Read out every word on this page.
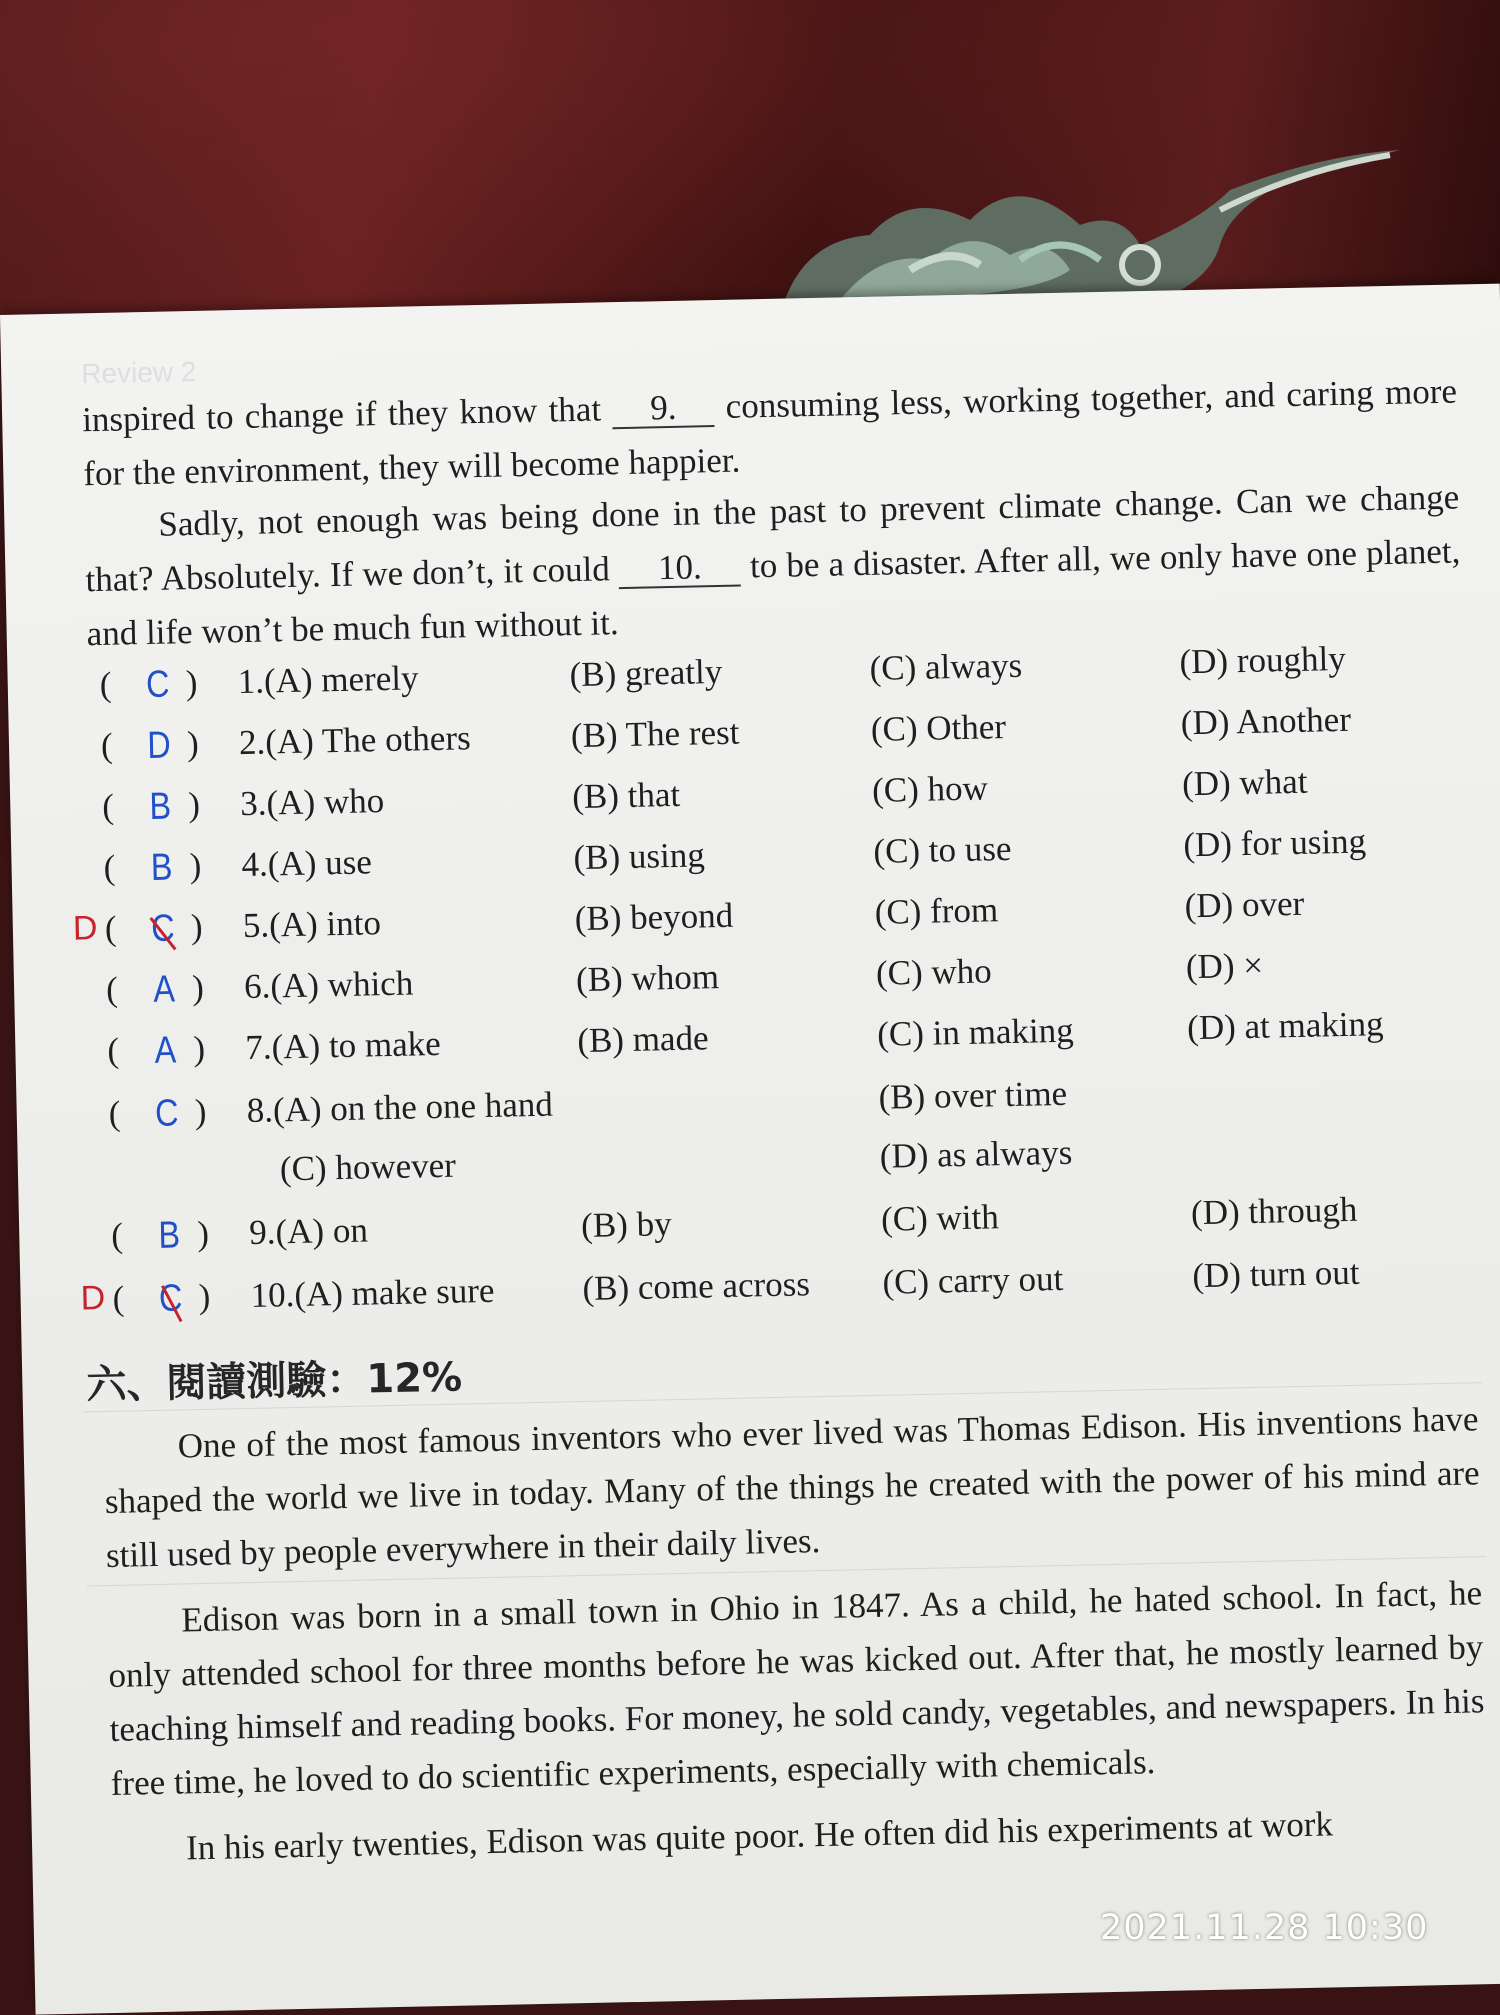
Review 2

inspired to change if they know that 9. consuming less, working together, and caring more for the environment, they will become happier.

Sadly, not enough was being done in the past to prevent climate change. Can we change that? Absolutely. If we don’t, it could 10. to be a disaster. After all, we only have one planet, and life won’t be much fun without it.

( C ) 1.(A) merely	(B) greatly	(C) always	(D) roughly
( D ) 2.(A) The others	(B) The rest	(C) Other	(D) Another
( B ) 3.(A) who	(B) that	(C) how	(D) what
( B ) 4.(A) use	(B) using	(C) to use	(D) for using
D ( C ) 5.(A) into	(B) beyond	(C) from	(D) over
( A ) 6.(A) which	(B) whom	(C) who	(D) ×
( A ) 7.(A) to make	(B) made	(C) in making	(D) at making
( C ) 8.(A) on the one hand	(B) over time
(C) however	(D) as always
( B ) 9.(A) on	(B) by	(C) with	(D) through
D ( C ) 10.(A) make sure (B) come across (C) carry out	(D) turn out
六、閱讀測驗：12%

One of the most famous inventors who ever lived was Thomas Edison. His inventions have shaped the world we live in today. Many of the things he created with the power of his mind are still used by people everywhere in their daily lives.

Edison was born in a small town in Ohio in 1847. As a child, he hated school. In fact, he only attended school for three months before he was kicked out. After that, he mostly learned by teaching himself and reading books. For money, he sold candy, vegetables, and newspapers. In his free time, he loved to do scientific experiments, especially with chemicals.

In his early twenties, Edison was quite poor. He often did his experiments at work

2021.11.28 10:30
